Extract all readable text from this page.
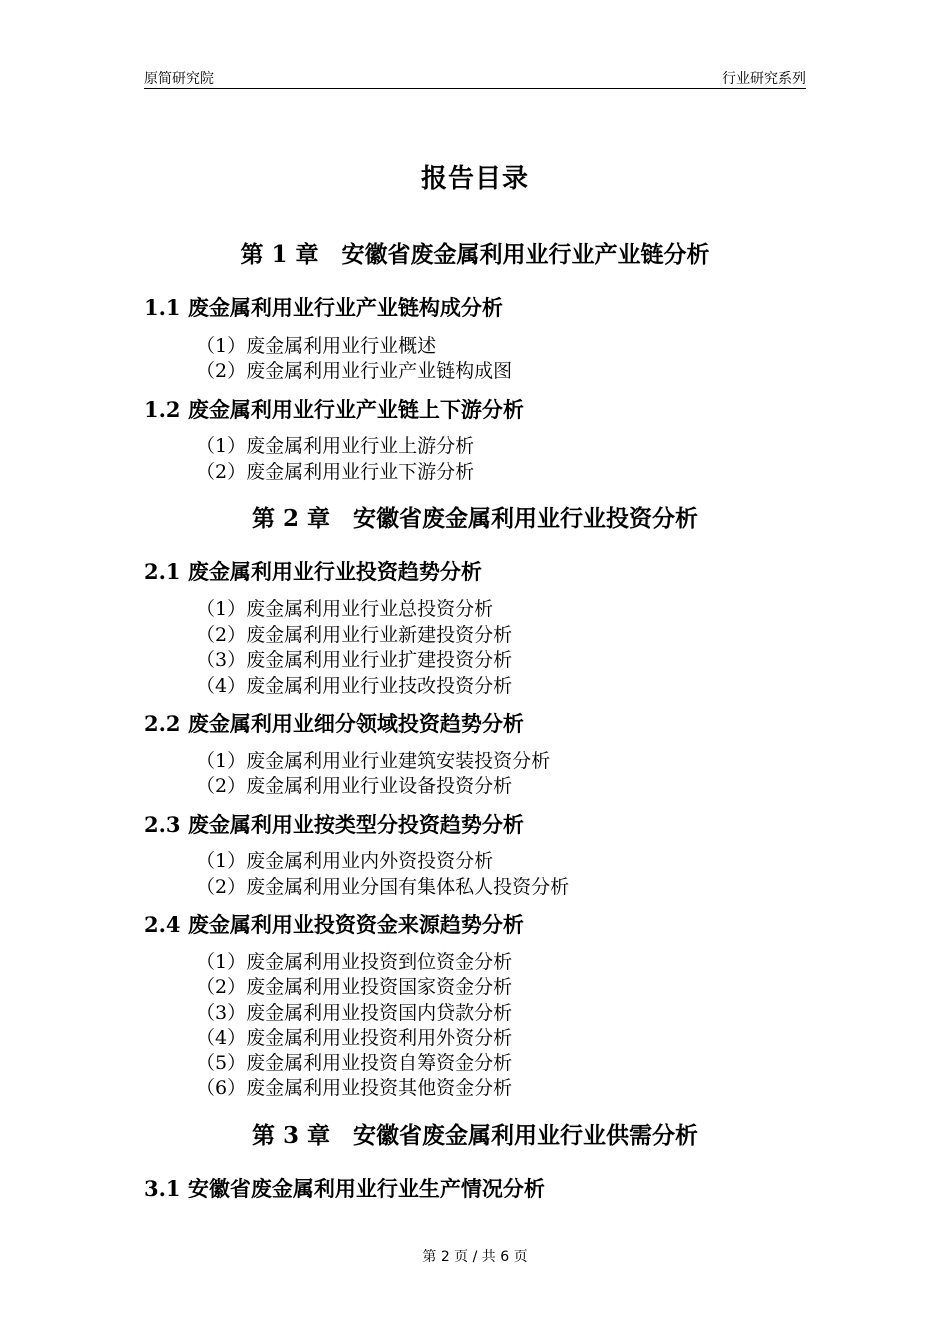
原简研究院	行业研究系列
报告目录
第 1 章　安徽省废金属利用业行业产业链分析
1.1 废金属利用业行业产业链构成分析
（1）废金属利用业行业概述
（2）废金属利用业行业产业链构成图
1.2 废金属利用业行业产业链上下游分析
（1）废金属利用业行业上游分析
（2）废金属利用业行业下游分析
第 2 章　安徽省废金属利用业行业投资分析
2.1 废金属利用业行业投资趋势分析
（1）废金属利用业行业总投资分析
（2）废金属利用业行业新建投资分析
（3）废金属利用业行业扩建投资分析
（4）废金属利用业行业技改投资分析
2.2 废金属利用业细分领域投资趋势分析
（1）废金属利用业行业建筑安装投资分析
（2）废金属利用业行业设备投资分析
2.3 废金属利用业按类型分投资趋势分析
（1）废金属利用业内外资投资分析
（2）废金属利用业分国有集体私人投资分析
2.4 废金属利用业投资资金来源趋势分析
（1）废金属利用业投资到位资金分析
（2）废金属利用业投资国家资金分析
（3）废金属利用业投资国内贷款分析
（4）废金属利用业投资利用外资分析
（5）废金属利用业投资自筹资金分析
（6）废金属利用业投资其他资金分析
第 3 章　安徽省废金属利用业行业供需分析
3.1 安徽省废金属利用业行业生产情况分析
第 2 页 / 共 6 页
